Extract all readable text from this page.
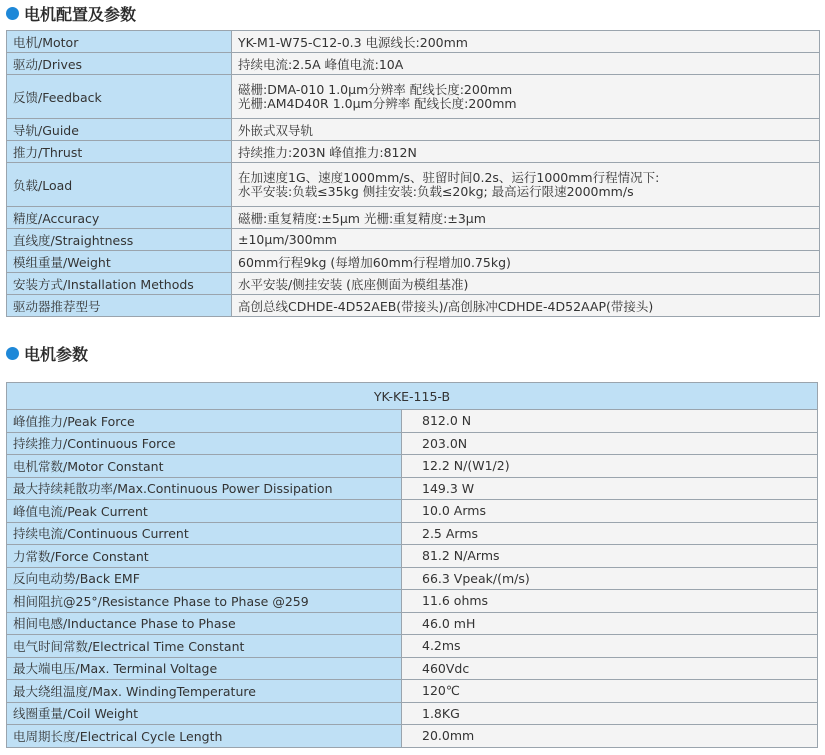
电机配置及参数
电机/Motor	YK-M1-W75-C12-0.3 电源线长:200mm

驱动/Drives	持续电流:2.5A 峰值电流:10A

反馈/Feedback	磁栅:DMA-010 1.0μm分辨率 配线长度:200mm
光栅:AM4D40R 1.0μm分辨率 配线长度:200mm

导轨/Guide	外嵌式双导轨

推力/Thrust	持续推力:203N 峰值推力:812N

负载/Load	在加速度1G、速度1000mm/s、驻留时间0.2s、运行1000mm行程情况下:
水平安装:负载≤35kg 侧挂安装:负载≤20kg; 最高运行限速2000mm/s

精度/Accuracy	磁栅:重复精度:±5μm 光栅:重复精度:±3μm

直线度/Straightness	±10μm/300mm

模组重量/Weight	60mm行程9kg (每增加60mm行程增加0.75kg)

安装方式/Installation Methods	水平安装/侧挂安装 (底座侧面为模组基准)

驱动器推荐型号	高创总线CDHDE-4D52AEB(带接头)/高创脉冲CDHDE-4D52AAP(带接头)
电机参数
YK-KE-115-B	
峰值推力/Peak Force	812.0 N
持续推力/Continuous Force	203.0N
电机常数/Motor Constant	12.2 N/(W1/2)
最大持续耗散功率/Max.Continuous Power Dissipation	149.3 W
峰值电流/Peak Current	10.0 Arms
持续电流/Continuous Current	2.5 Arms
力常数/Force Constant	81.2 N/Arms
反向电动势/Back EMF	66.3 Vpeak/(m/s)
相间阻抗@25°/Resistance Phase to Phase @259	11.6 ohms
相间电感/Inductance Phase to Phase	46.0 mH
电气时间常数/Electrical Time Constant	4.2ms
最大端电压/Max. Terminal Voltage	460Vdc
最大绕组温度/Max. WindingTemperature	120℃
线圈重量/Coil Weight	1.8KG
电周期长度/Electrical Cycle Length	20.0mm
